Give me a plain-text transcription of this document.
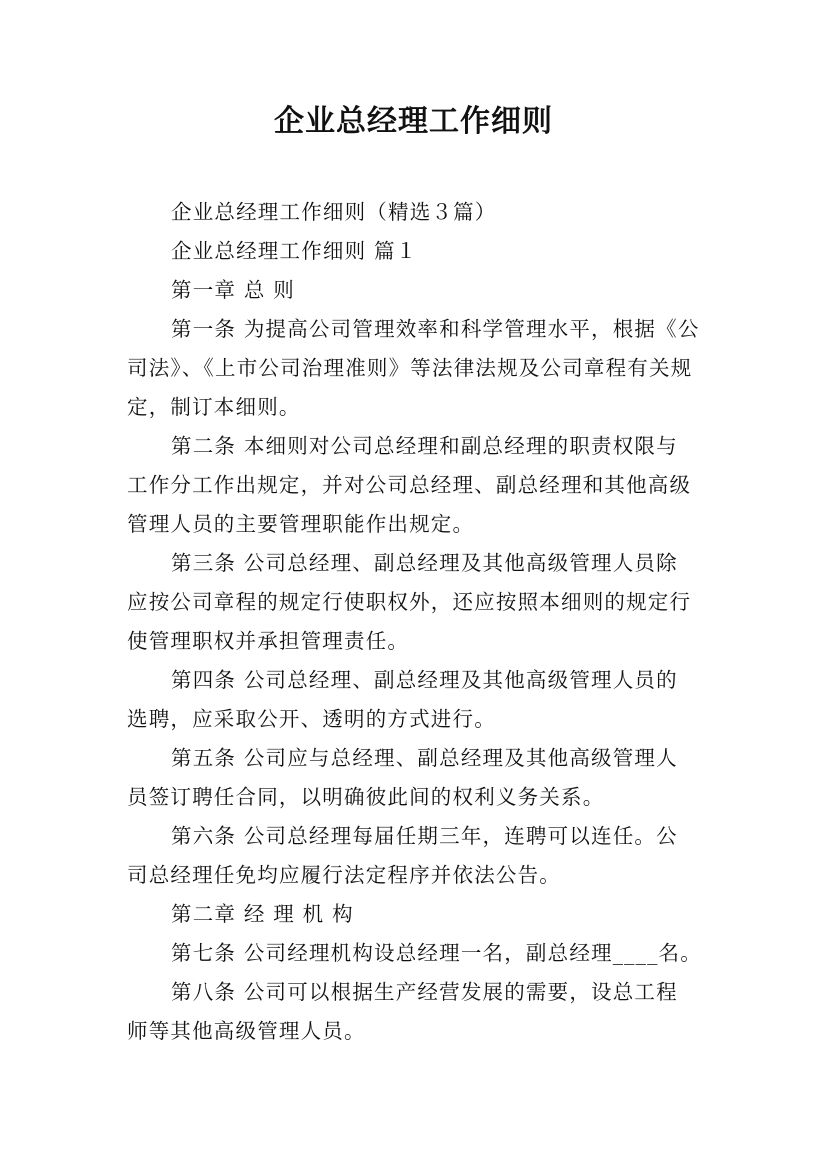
企业总经理工作细则

企业总经理工作细则（精选３篇）

企业总经理工作细则 篇１

第一章 总 则

第一条 为提高公司管理效率和科学管理水平，根据《公
司法》、《上市公司治理准则》等法律法规及公司章程有关规
定，制订本细则。

第二条 本细则对公司总经理和副总经理的职责权限与
工作分工作出规定，并对公司总经理、副总经理和其他高级
管理人员的主要管理职能作出规定。

第三条 公司总经理、副总经理及其他高级管理人员除
应按公司章程的规定行使职权外，还应按照本细则的规定行
使管理职权并承担管理责任。

第四条 公司总经理、副总经理及其他高级管理人员的
选聘，应采取公开、透明的方式进行。

第五条 公司应与总经理、副总经理及其他高级管理人
员签订聘任合同，以明确彼此间的权利义务关系。

第六条 公司总经理每届任期三年，连聘可以连任。公
司总经理任免均应履行法定程序并依法公告。

第二章 经 理 机 构

第七条 公司经理机构设总经理一名，副总经理____名。

第八条 公司可以根据生产经营发展的需要，设总工程
师等其他高级管理人员。
